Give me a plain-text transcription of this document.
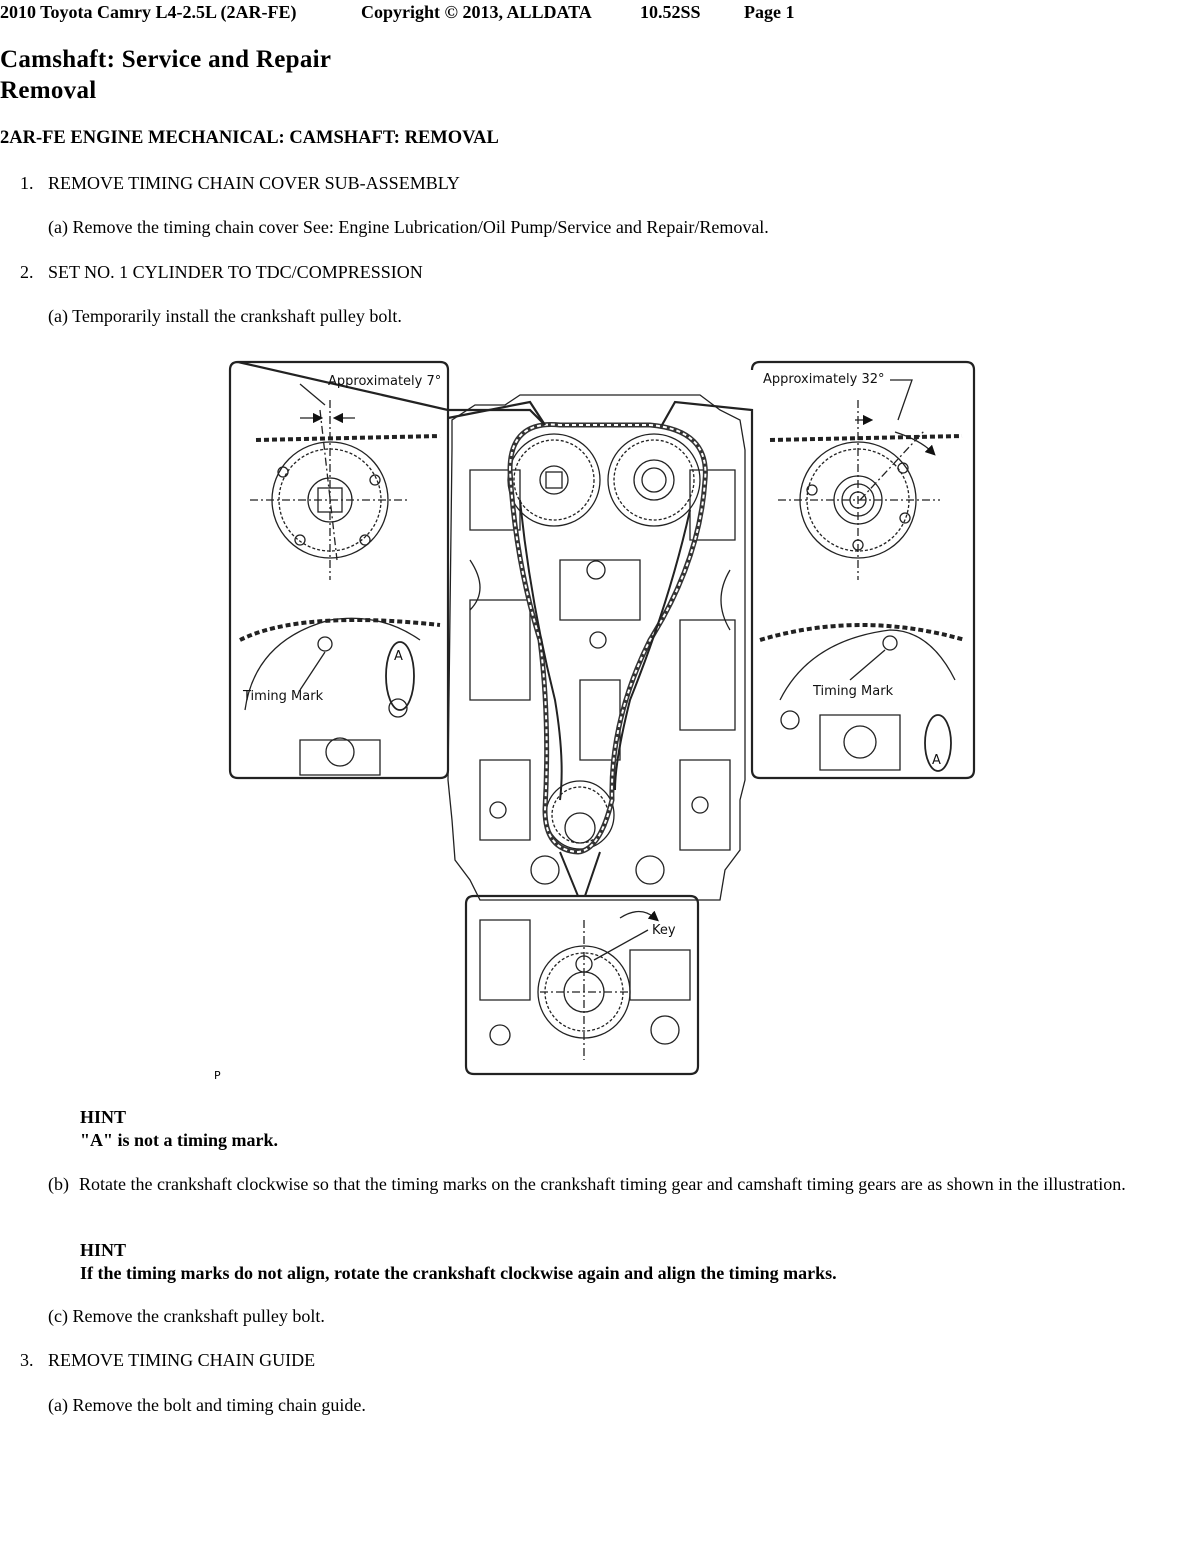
2010 Toyota Camry L4-2.5L (2AR-FE)	Copyright © 2013, ALLDATA	10.52SS Page 1
Camshaft: Service and Repair
Removal
2AR-FE ENGINE MECHANICAL: CAMSHAFT: REMOVAL
1. REMOVE TIMING CHAIN COVER SUB-ASSEMBLY
(a) Remove the timing chain cover See: Engine Lubrication/Oil Pump/Service and Repair/Removal.
2. SET NO. 1 CYLINDER TO TDC/COMPRESSION
(a) Temporarily install the crankshaft pulley bolt.
Approximately 7°	Approximately 32°
Timing Mark	Timing Mark
Key
A
A
P
HINT
"A" is not a timing mark.
(b) Rotate the crankshaft clockwise so that the timing marks on the crankshaft timing gear and camshaft timing gears are as shown in the illustration.
HINT
If the timing marks do not align, rotate the crankshaft clockwise again and align the timing marks.
(c) Remove the crankshaft pulley bolt.
3. REMOVE TIMING CHAIN GUIDE
(a) Remove the bolt and timing chain guide.
